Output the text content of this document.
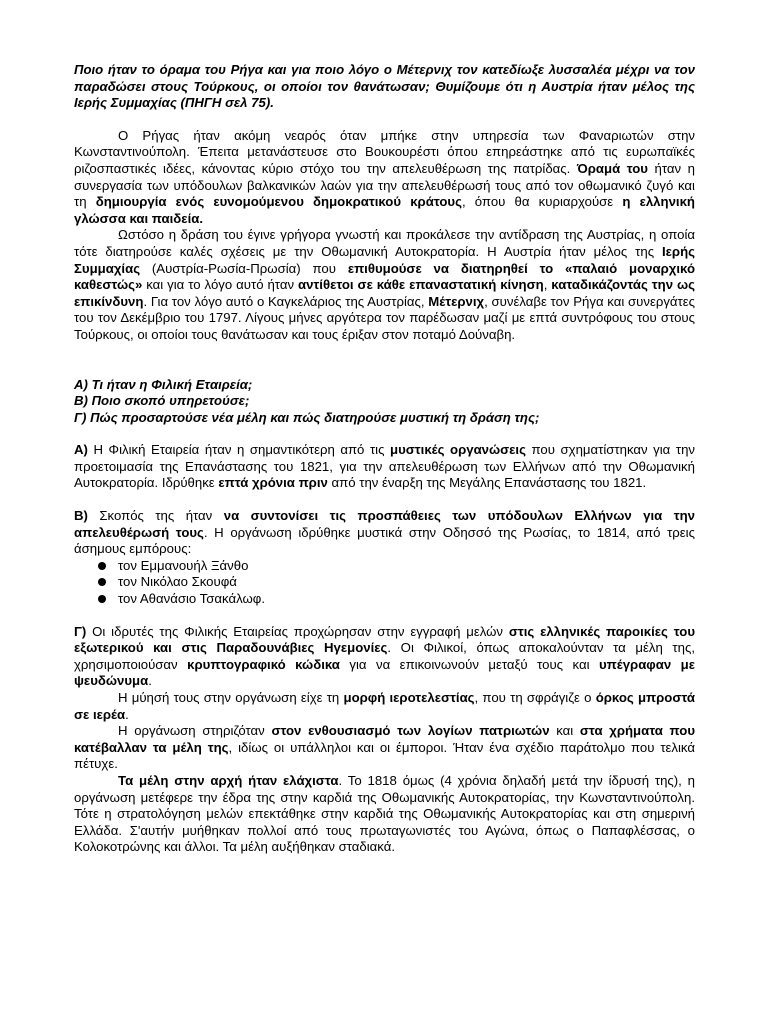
Ποιο ήταν το όραμα του Ρήγα και για ποιο λόγο ο Μέτερνιχ τον κατεδίωξε λυσσαλέα μέχρι να τον παραδώσει στους Τούρκους, οι οποίοι τον θανάτωσαν; Θυμίζουμε ότι η Αυστρία ήταν μέλος της Ιερής Συμμαχίας (ΠΗΓΗ σελ 75).

Ο Ρήγας ήταν ακόμη νεαρός όταν μπήκε στην υπηρεσία των Φαναριωτών στην Κωνσταντινούπολη. Έπειτα μετανάστευσε στο Βουκουρέστι όπου επηρεάστηκε από τις ευρωπαϊκές ριζοσπαστικές ιδέες, κάνοντας κύριο στόχο του την απελευθέρωση της πατρίδας. Όραμά του ήταν η συνεργασία των υπόδουλων βαλκανικών λαών για την απελευθέρωσή τους από τον οθωμανικό ζυγό και τη δημιουργία ενός ευνομούμενου δημοκρατικού κράτους, όπου θα κυριαρχούσε η ελληνική γλώσσα και παιδεία.

Ωστόσο η δράση του έγινε γρήγορα γνωστή και προκάλεσε την αντίδραση της Αυστρίας, η οποία τότε διατηρούσε καλές σχέσεις με την Οθωμανική Αυτοκρατορία. Η Αυστρία ήταν μέλος της Ιερής Συμμαχίας (Αυστρία-Ρωσία-Πρωσία) που επιθυμούσε να διατηρηθεί το «παλαιό μοναρχικό καθεστώς» και για το λόγο αυτό ήταν αντίθετοι σε κάθε επαναστατική κίνηση, καταδικάζοντάς την ως επικίνδυνη. Για τον λόγο αυτό ο Καγκελάριος της Αυστρίας, Μέτερνιχ, συνέλαβε τον Ρήγα και συνεργάτες του τον Δεκέμβριο του 1797. Λίγους μήνες αργότερα τον παρέδωσαν μαζί με επτά συντρόφους του στους Τούρκους, οι οποίοι τους θανάτωσαν και τους έριξαν στον ποταμό Δούναβη.

Α) Τι ήταν η Φιλική Εταιρεία;

Β) Ποιο σκοπό υπηρετούσε;

Γ) Πώς προσαρτούσε νέα μέλη και πώς διατηρούσε μυστική τη δράση της;

Α) Η Φιλική Εταιρεία ήταν η σημαντικότερη από τις μυστικές οργανώσεις που σχηματίστηκαν για την προετοιμασία της Επανάστασης του 1821, για την απελευθέρωση των Ελλήνων από την Οθωμανική Αυτοκρατορία. Ιδρύθηκε επτά χρόνια πριν από την έναρξη της Μεγάλης Επανάστασης του 1821.

Β) Σκοπός της ήταν να συντονίσει τις προσπάθειες των υπόδουλων Ελλήνων για την απελευθέρωσή τους. Η οργάνωση ιδρύθηκε μυστικά στην Οδησσό της Ρωσίας, το 1814, από τρεις άσημους εμπόρους:

τον Εμμανουήλ Ξάνθο
τον Νικόλαο Σκουφά
τον Αθανάσιο Τσακάλωφ.

Γ) Οι ιδρυτές της Φιλικής Εταιρείας προχώρησαν στην εγγραφή μελών στις ελληνικές παροικίες του εξωτερικού και στις Παραδουνάβιες Ηγεμονίες. Οι Φιλικοί, όπως αποκαλούνταν τα μέλη της, χρησιμοποιούσαν κρυπτογραφικό κώδικα για να επικοινωνούν μεταξύ τους και υπέγραφαν με ψευδώνυμα.

Η μύησή τους στην οργάνωση είχε τη μορφή ιεροτελεστίας, που τη σφράγιζε ο όρκος μπροστά σε ιερέα.

Η οργάνωση στηριζόταν στον ενθουσιασμό των λογίων πατριωτών και στα χρήματα που κατέβαλλαν τα μέλη της, ιδίως οι υπάλληλοι και οι έμποροι. Ήταν ένα σχέδιο παράτολμο που τελικά πέτυχε.

Τα μέλη στην αρχή ήταν ελάχιστα. Το 1818 όμως (4 χρόνια δηλαδή μετά την ίδρυσή της), η οργάνωση μετέφερε την έδρα της στην καρδιά της Οθωμανικής Αυτοκρατορίας, την Κωνσταντινούπολη. Τότε η στρατολόγηση μελών επεκτάθηκε στην καρδιά της Οθωμανικής Αυτοκρατορίας και στη σημερινή Ελλάδα. Σ'αυτήν μυήθηκαν πολλοί από τους πρωταγωνιστές του Αγώνα, όπως ο Παπαφλέσσας, ο Κολοκοτρώνης και άλλοι. Τα μέλη αυξήθηκαν σταδιακά.
